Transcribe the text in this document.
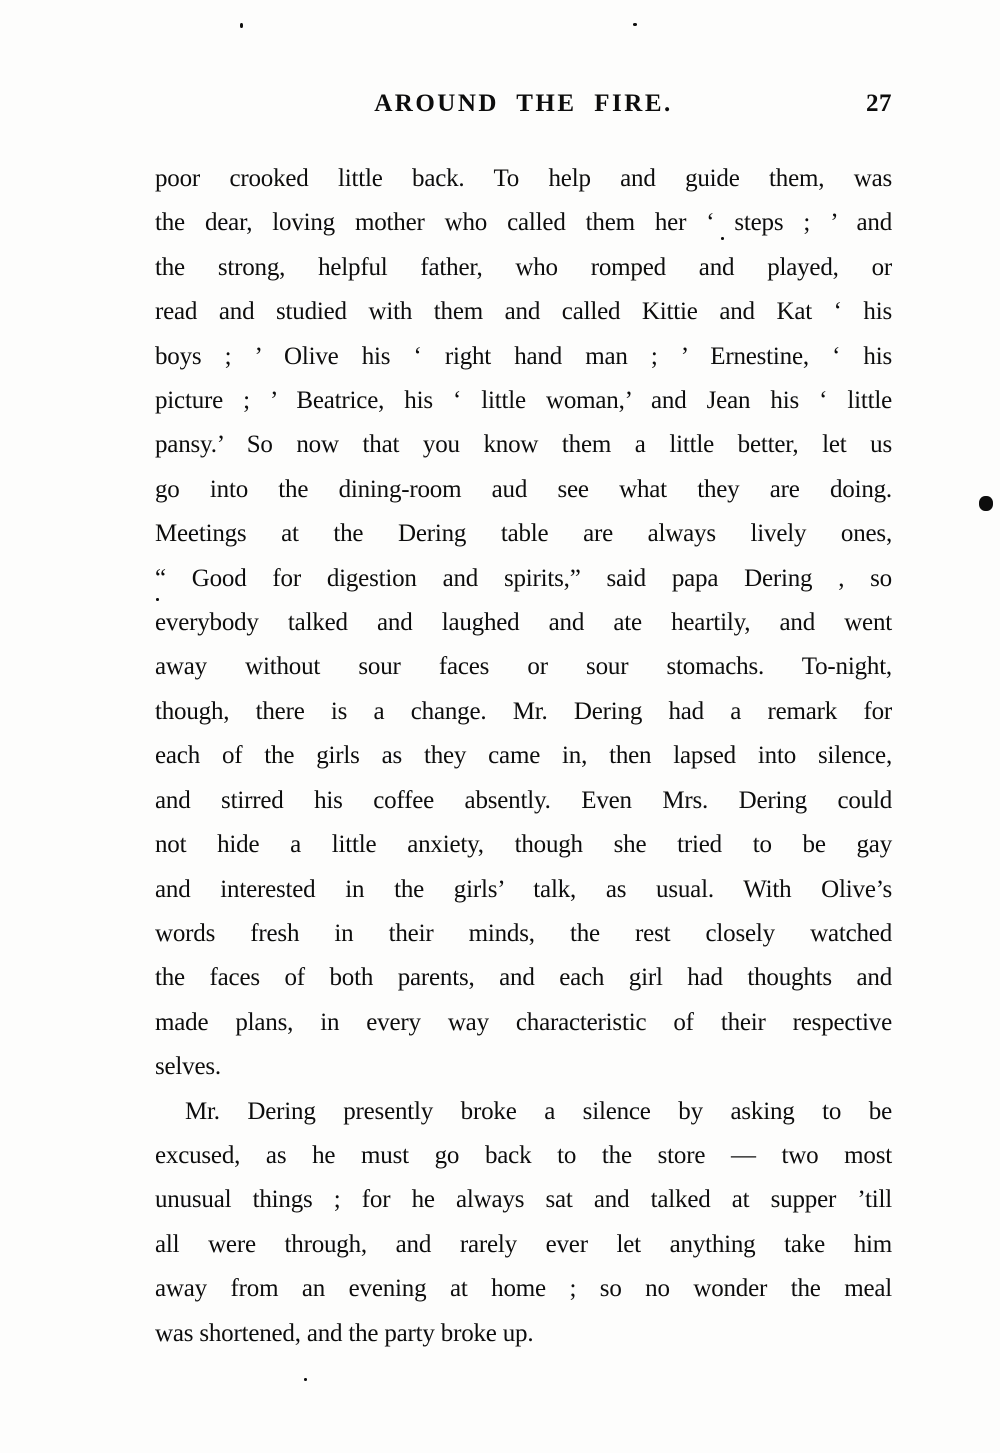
AROUND THE FIRE.	27
poor crooked little back. To help and guide them, was
the dear, loving mother who called them her ‘ steps ; ’ and
the strong, helpful father, who romped and played, or
read and studied with them and called Kittie and Kat ‘ his
boys ; ’ Olive his ‘ right hand man ; ’ Ernestine, ‘ his
picture ; ’ Beatrice, his ‘ little woman,’ and Jean his ‘ little
pansy.’ So now that you know them a little better, let us
go into the dining-room aud see what they are doing.
Meetings at the Dering table are always lively ones,
“ Good for digestion and spirits,” said papa Dering , so
everybody talked and laughed and ate heartily, and went
away without sour faces or sour stomachs. To-night,
though, there is a change. Mr. Dering had a remark for
each of the girls as they came in, then lapsed into silence,
and stirred his coffee absently. Even Mrs. Dering could
not hide a little anxiety, though she tried to be gay
and interested in the girls’ talk, as usual. With Olive’s
words fresh in their minds, the rest closely watched
the faces of both parents, and each girl had thoughts and
made plans, in every way characteristic of their respective
selves.
Mr. Dering presently broke a silence by asking to be
excused, as he must go back to the store — two most
unusual things ; for he always sat and talked at supper ’till
all were through, and rarely ever let anything take him
away from an evening at home ; so no wonder the meal
was shortened, and the party broke up.
